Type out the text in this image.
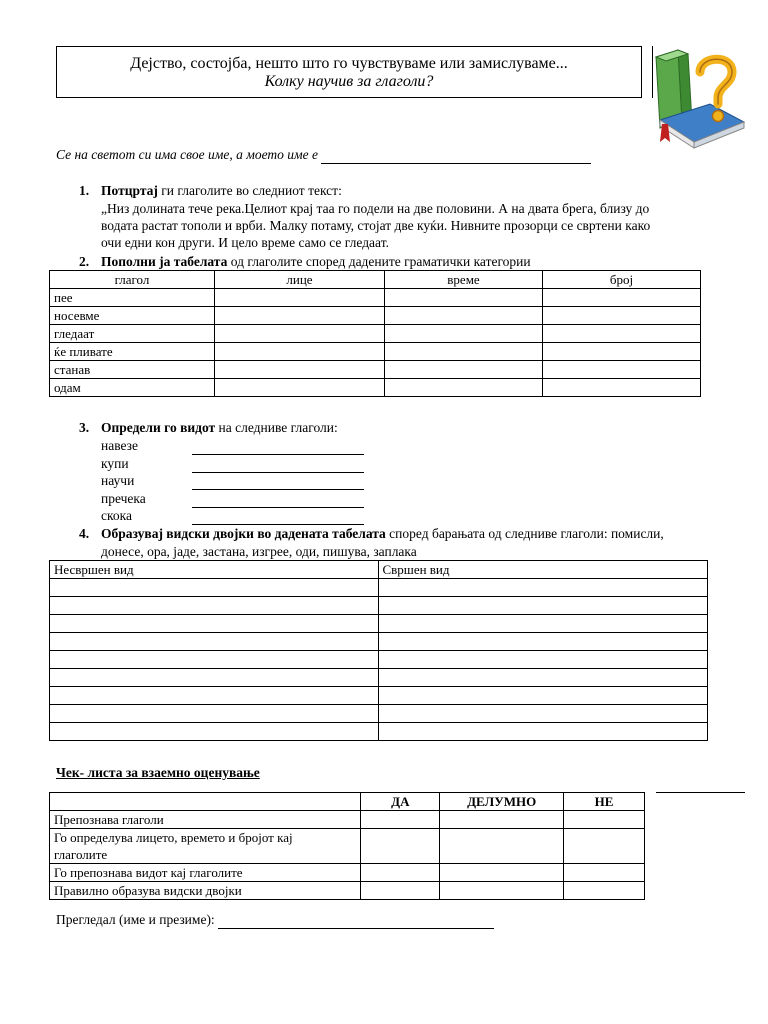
Дејство, состојба, нешто што го чувствуваме или замислуваме...
Колку научив за глаголи?
Се на светот си има свое име, а моето име е
1. Потцртај ги глаголите во следниот текст:
„Низ долината тече река.Целиот крај таа го подели на две половини. А на двата брега, близу до
водата растат тополи и врби. Малку потаму, стојат две куќи. Нивните прозорци се свртени како
очи едни кон други. И цело време само се гледаат.
2. Пополни ја табелата од глаголите според дадените граматички категории
глагол	лице	време	број
пее			
носевме			
гледаат			
ќе пливате			
станав			
одам			
3. Определи го видот на следниве глаголи:
навезе
купи
научи
пречека
скока
4. Образувај видски двојки во дадената табелата според барањата од следниве глаголи: помисли,
донесе, ора, јаде, застана, изгрее, оди, пишува, заплака
Несвршен вид	Свршен вид

Чек- листа за взаемно оценување
	ДА	ДЕЛУМНО	НЕ
Препознава глаголи			

Го определува лицето, времето и бројот кај
глаголите			

Го препознава видот кај глаголите			
Правилно образува видски двојки			
Прегледал (име и презиме):
